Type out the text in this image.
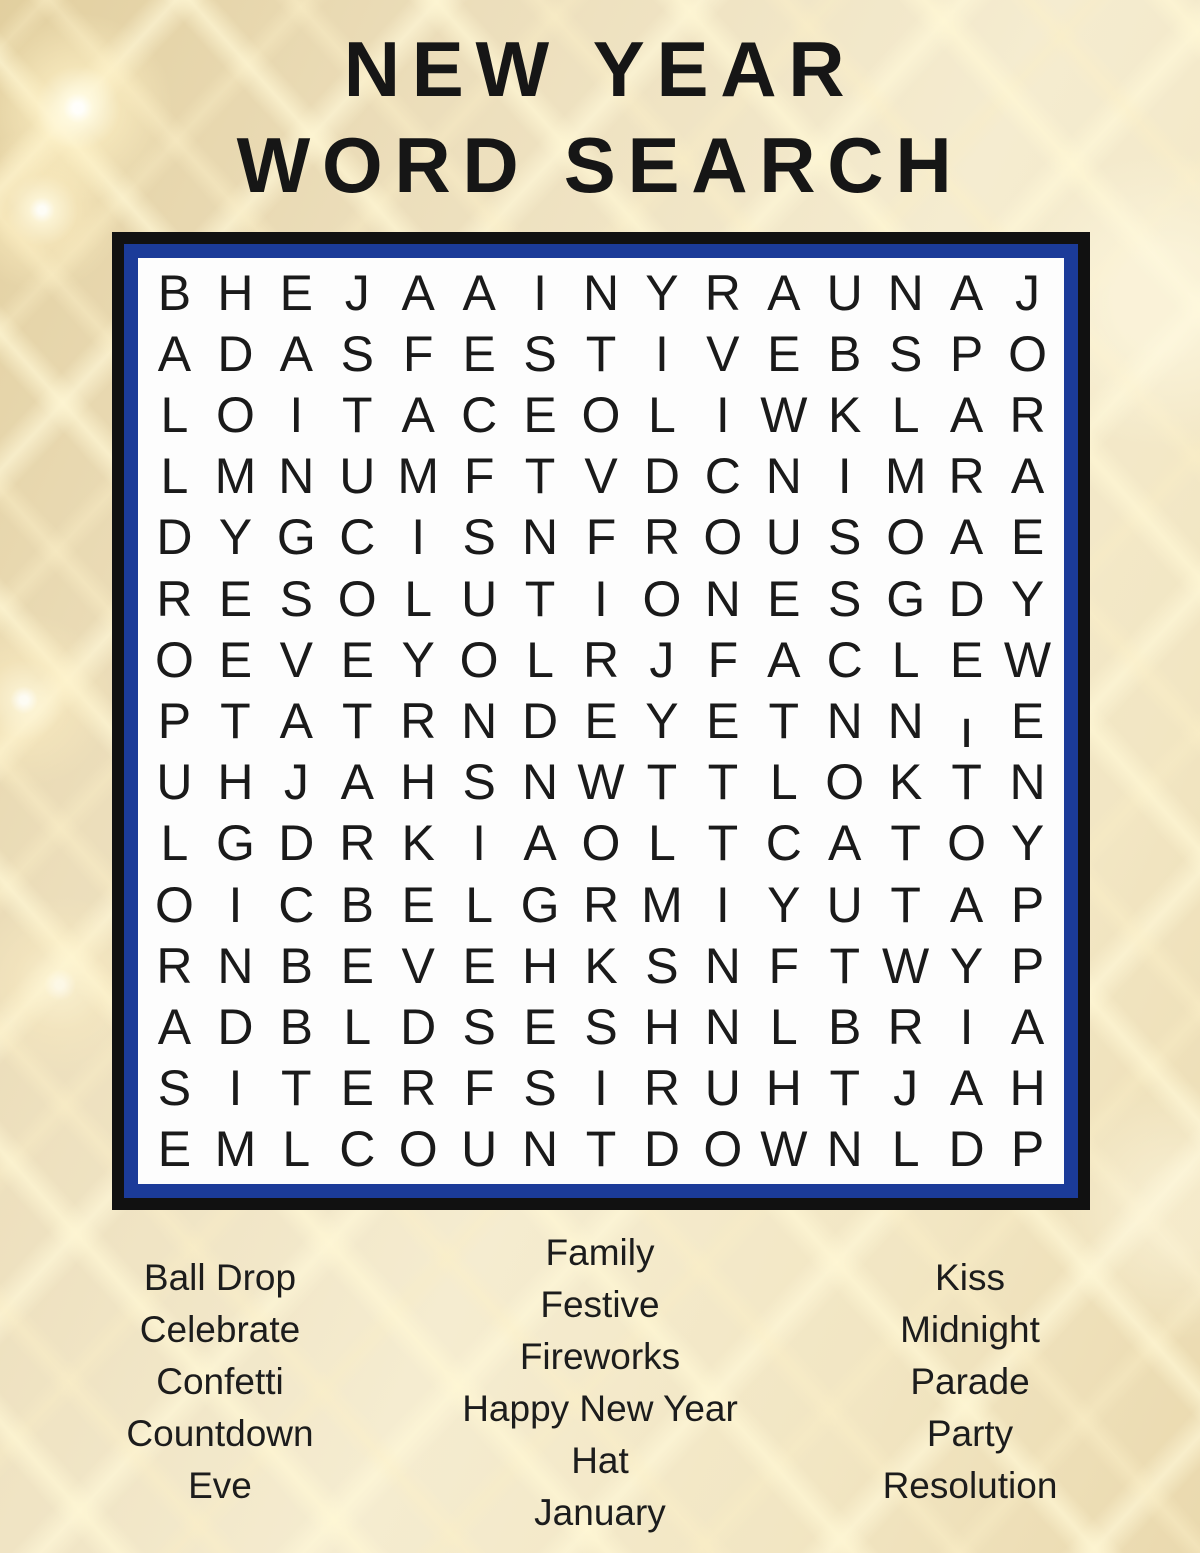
NEW YEAR
WORD SEARCH
B H E J A A I N Y R A U N A J
A D A S F E S T I V E B S P O
L O I T A C E O L I W K L A R
L M N U M F T V D C N I M R A
D Y G C I S N F R O U S O A E
R E S O L U T I O N E S G D Y
O E V E Y O L R J F A C L E W
P T A T R N D E Y E T N N I E
U H J A H S N W T T L O K T N
L G D R K I A O L T C A T O Y
O I C B E L G R M I Y U T A P
R N B E V E H K S N F T W Y P
A D B L D S E S H N L B R I A
S I T E R F S I R U H T J A H
E M L C O U N T D O W N L D P
Ball Drop
Celebrate
Confetti
Countdown
Eve
Family
Festive
Fireworks
Happy New Year
Hat
January
Kiss
Midnight
Parade
Party
Resolution
